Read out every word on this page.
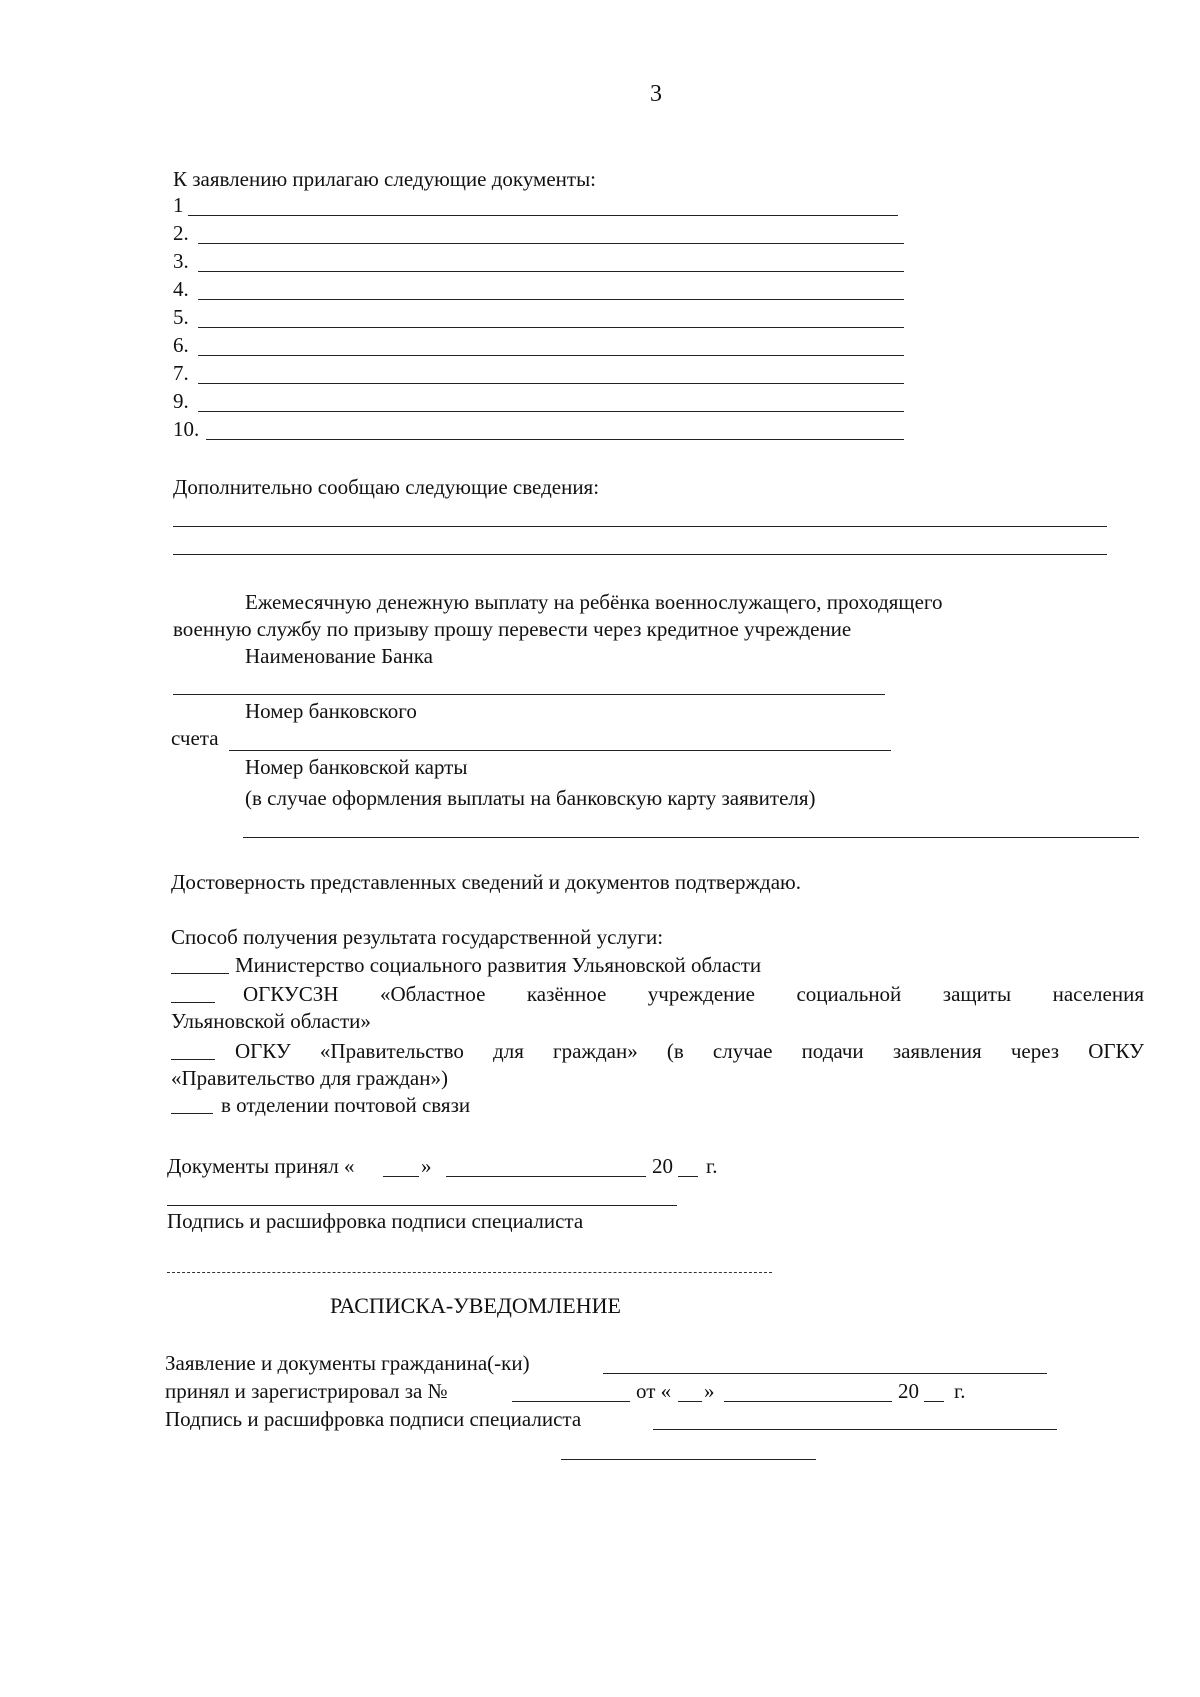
3
К заявлению прилагаю следующие документы:
1
2.
3.
4.
5.
6.
7.
9.
10.
Дополнительно сообщаю следующие сведения:
Ежемесячную денежную выплату на ребёнка военнослужащего, проходящего
военную службу по призыву прошу перевести через кредитное учреждение
Наименование Банка
Номер банковского
счета
Номер банковской карты
(в случае оформления выплаты на банковскую карту заявителя)
Достоверность представленных сведений и документов подтверждаю.
Способ получения результата государственной услуги:
Министерство социального развития Ульяновской области
ОГКУСЗН «Областное казённое учреждение социальной защиты населения
Ульяновской области»
ОГКУ «Правительство для граждан» (в случае подачи заявления через ОГКУ
«Правительство для граждан»)
в отделении почтовой связи
Документы принял «	»	20 г.
Подпись и расшифровка подписи специалиста
РАСПИСКА-УВЕДОМЛЕНИЕ
Заявление и документы гражданина(-ки)
принял и зарегистрировал за №	от « »	20 г.
Подпись и расшифровка подписи специалиста
